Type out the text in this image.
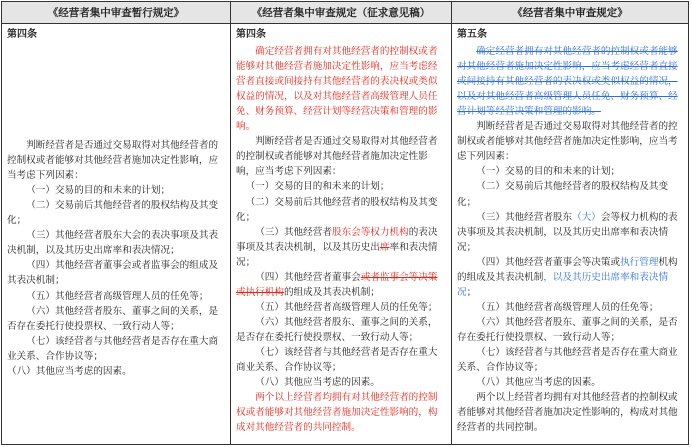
《经营者集中审查暂行规定》	《经营者集中审查规定（征求意见稿）	《经营者集中审查规定》
第四条

判断经营者是否通过交易取得对其他经营者的控制权或者能够对其他经营者施加决定性影响，应当考虑下列因素：

（一）交易的目的和未来的计划；

（二）交易前后其他经营者的股权结构及其变化；

（三）其他经营者股东大会的表决事项及其表决机制，以及其历史出席率和表决情况；

（四）其他经营者董事会或者监事会的组成及其表决机制；

（五）其他经营者高级管理人员的任免等；

（六）其他经营者股东、董事之间的关系，是否存在委托行使投票权、一致行动人等；

（七）该经营者与其他经营者是否存在重大商业关系、合作协议等；

（八）其他应当考虑的因素。

第四条

确定经营者拥有对其他经营者的控制权或者能够对其他经营者施加决定性影响，应当考虑经营者直接或间接持有其他经营者的表决权或类似权益的情况，以及对其他经营者高级管理人员任免、财务预算、经营计划等经营决策和管理的影响。

判断经营者是否通过交易取得对其他经营者的控制权或者能够对其他经营者施加决定性影响，应当考虑下列因素：

（一）交易的目的和未来的计划；

（二）交易前后其他经营者的股权结构及其变化；

（三）其他经营者股东会等权力机构的表决事项及其表决机制，以及其历史出席率和表决情况；

（四）其他经营者董事会或者监事会等决策或执行机构的组成及其表决机制；

（五）其他经营者高级管理人员的任免等；

（六）其他经营者股东、董事之间的关系，是否存在委托行使投票权、一致行动人等；

（七）该经营者与其他经营者是否存在重大商业关系、合作协议等；

（八）其他应当考虑的因素。

两个以上经营者均拥有对其他经营者的控制权或者能够对其他经营者施加决定性影响的，构成对其他经营者的共同控制。

第五条

确定经营者拥有对其他经营者的控制权或者能够对其他经营者施加决定性影响，应当考虑经营者直接或间接持有其他经营者的表决权或类似权益的情况，以及对其他经营者高级管理人员任免、财务预算、经营计划等经营决策和管理的影响。

判断经营者是否通过交易取得对其他经营者的控制权或者能够对其他经营者施加决定性影响，应当考虑下列因素：

（一）交易的目的和未来的计划；

（二）交易前后其他经营者的股权结构及其变化；

（三）其他经营者股东（大）会等权力机构的表决事项及其表决机制，以及其历史出席率和表决情况；

（四）其他经营者董事会等决策或执行管理机构的组成及其表决机制，以及其历史出席率和表决情况；

（五）其他经营者高级管理人员的任免等；

（六）其他经营者股东、董事之间的关系，是否存在委托行使投票权、一致行动人等；

（七）该经营者与其他经营者是否存在重大商业关系、合作协议等；

（八）其他应当考虑的因素。

两个以上经营者均拥有对其他经营者的控制权或者能够对其他经营者施加决定性影响的，构成对其他经营者的共同控制。
